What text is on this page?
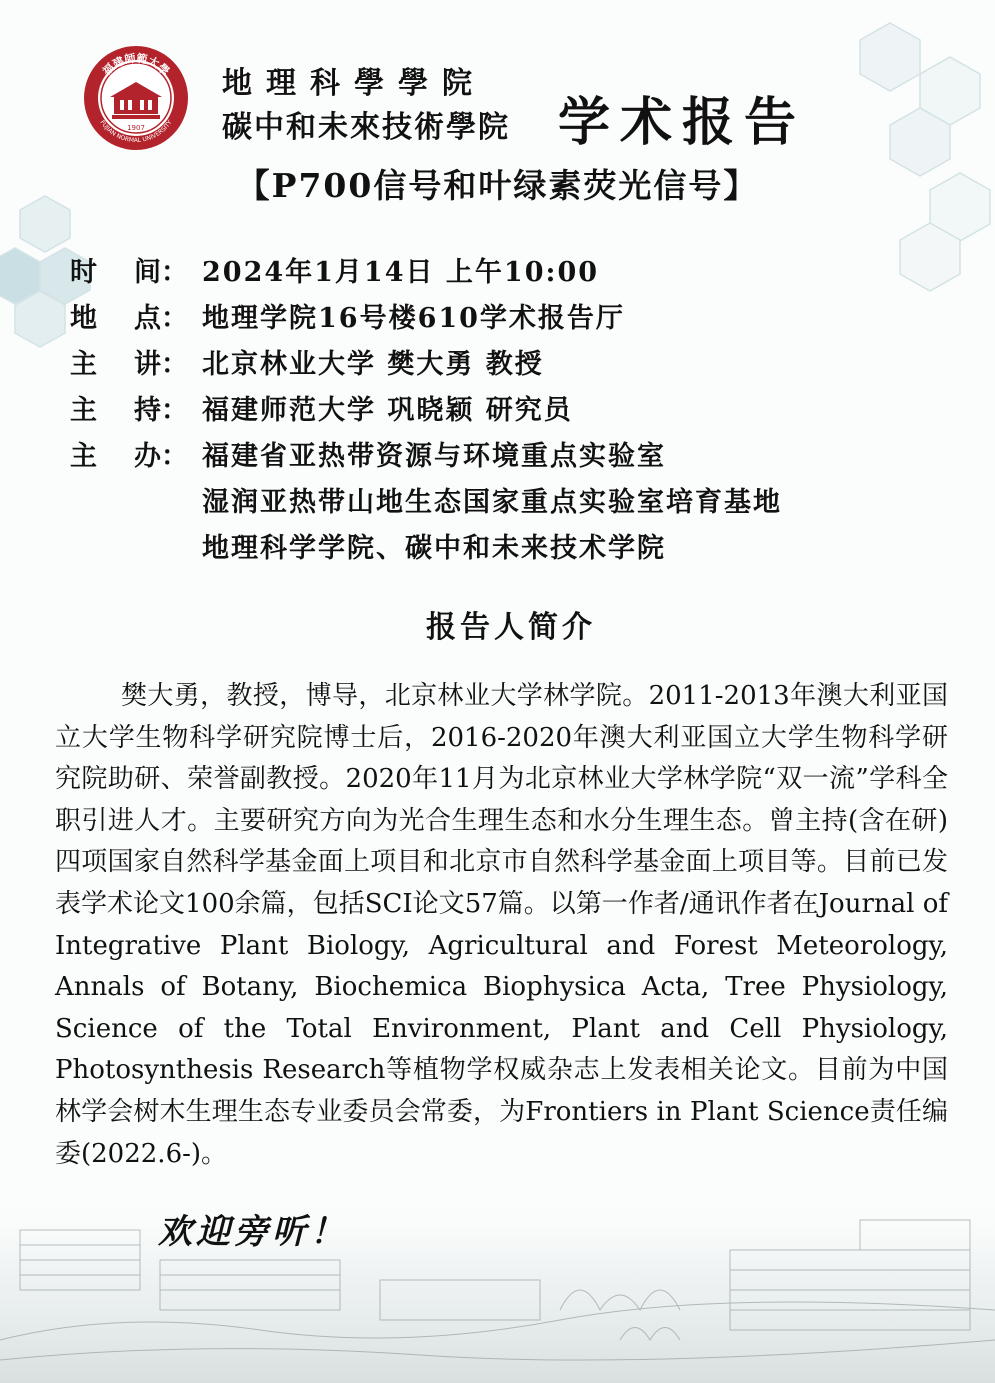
1907
福建師範大學
FUJIAN NORMAL UNIVERSITY
地理科學學院
碳中和未來技術學院 学术报告
【P700信号和叶绿素荧光信号】
时 间： 2024年1月14日 上午10:00
地 点： 地理学院16号楼610学术报告厅
主 讲： 北京林业大学 樊大勇 教授
主 持： 福建师范大学 巩晓颖 研究员
主 办： 福建省亚热带资源与环境重点实验室
湿润亚热带山地生态国家重点实验室培育基地
地理科学学院、碳中和未来技术学院
报告人简介
樊大勇，教授，博导，北京林业大学林学院。2011-2013年澳大利亚国立大学生物科学研究院博士后，2016-2020年澳大利亚国立大学生物科学研究院助研、荣誉副教授。2020年11月为北京林业大学林学院“双一流”学科全职引进人才。主要研究方向为光合生理生态和水分生理生态。曾主持(含在研)四项国家自然科学基金面上项目和北京市自然科学基金面上项目等。目前已发表学术论文100余篇，包括SCI论文57篇。以第一作者/通讯作者在Journal of Integrative Plant Biology, Agricultural and Forest Meteorology, Annals of Botany, Biochemica Biophysica Acta, Tree Physiology, Science of the Total Environment, Plant and Cell Physiology, Photosynthesis Research等植物学权威杂志上发表相关论文。目前为中国林学会树木生理生态专业委员会常委，为Frontiers in Plant Science责任编委(2022.6-)。
欢迎旁听！
